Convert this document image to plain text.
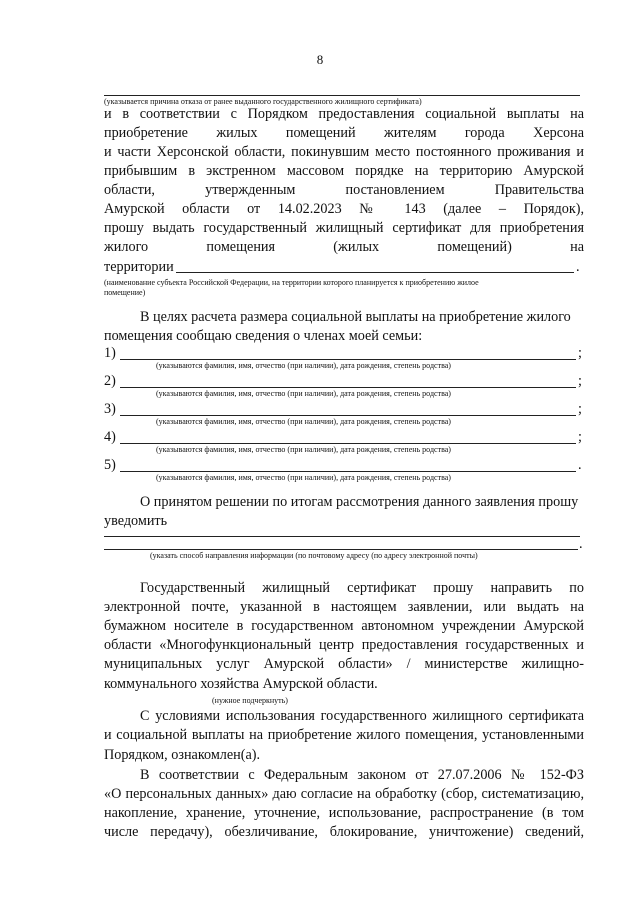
8
(указывается причина отказа от ранее выданного государственного жилищного сертификата)
и в соответствии с Порядком предоставления социальной выплаты на
приобретение жилых помещений жителям города Херсона
и части Херсонской области, покинувшим место постоянного проживания и
прибывшим в экстренном массовом порядке на территорию Амурской
области, утвержденным постановлением Правительства
Амурской области от 14.02.2023 № 143 (далее – Порядок),
прошу выдать государственный жилищный сертификат для приобретения
жилого помещения (жилых помещений) на
территории	.
(наименование субъекта Российской Федерации, на территории которого планируется к приобретению жилое
помещение)
В целях расчета размера социальной выплаты на приобретение жилого
помещения сообщаю сведения о членах моей семьи:
1)	;
(указываются фамилия, имя, отчество (при наличии), дата рождения, степень родства)
2)	;
(указываются фамилия, имя, отчество (при наличии), дата рождения, степень родства)
3)	;
(указываются фамилия, имя, отчество (при наличии), дата рождения, степень родства)
4)	;
(указываются фамилия, имя, отчество (при наличии), дата рождения, степень родства)
5)	.
(указываются фамилия, имя, отчество (при наличии), дата рождения, степень родства)
О принятом решении по итогам рассмотрения данного заявления прошу
уведомить
.
(указать способ направления информации (по почтовому адресу (по адресу электронной почты)
Государственный жилищный сертификат прошу направить по
электронной почте, указанной в настоящем заявлении, или выдать на
бумажном носителе в государственном автономном учреждении Амурской
области «Многофункциональный центр предоставления государственных и
муниципальных услуг Амурской области» / министерстве жилищно-
коммунального хозяйства Амурской области.
(нужное подчеркнуть)
С условиями использования государственного жилищного сертификата
и социальной выплаты на приобретение жилого помещения, установленными
Порядком, ознакомлен(а).
В соответствии с Федеральным законом от 27.07.2006 № 152-ФЗ
«О персональных данных» даю согласие на обработку (сбор, систематизацию,
накопление, хранение, уточнение, использование, распространение (в том
числе передачу), обезличивание, блокирование, уничтожение) сведений,
